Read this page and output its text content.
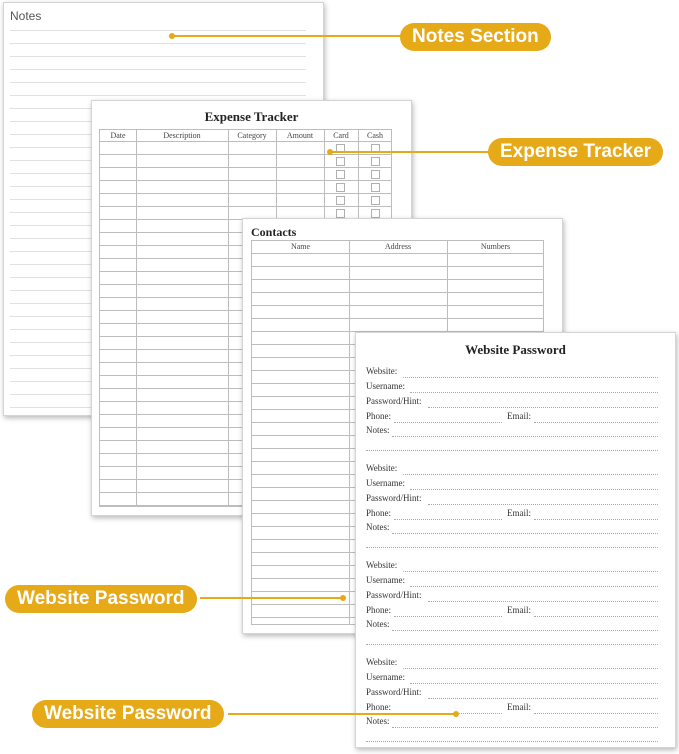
Notes
Expense Tracker
Date	Description	Category	Amount	Card	Cash
Contacts
Name	Address	Numbers
Website Password
Website:
Username:
Password/Hint:
Phone:	Email:
Notes:
Website:
Username:
Password/Hint:
Phone:	Email:
Notes:
Website:
Username:
Password/Hint:
Phone:	Email:
Notes:
Website:
Username:
Password/Hint:
Phone:	Email:
Notes:
Notes Section
Expense Tracker
Website Password
Website Password
